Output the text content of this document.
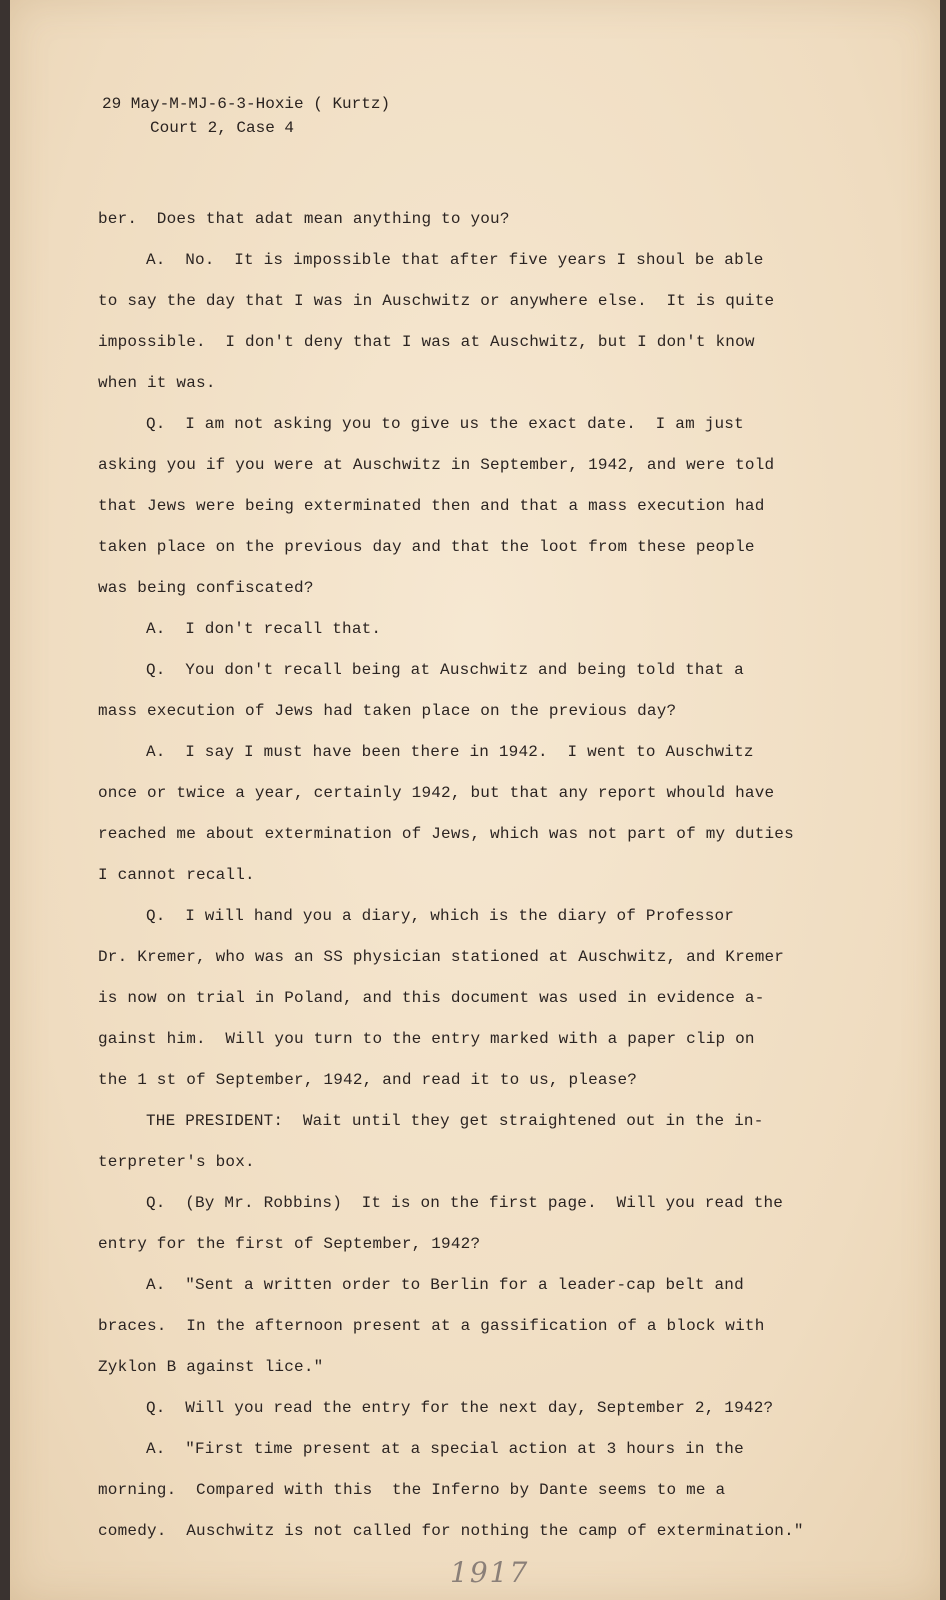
29 May-M-MJ-6-3-Hoxie ( Kurtz)
Court 2, Case 4
ber.  Does that adat mean anything to you?
A.  No.  It is impossible that after five years I shoul be able
to say the day that I was in Auschwitz or anywhere else.  It is quite
impossible.  I don't deny that I was at Auschwitz, but I don't know
when it was.
Q.  I am not asking you to give us the exact date.  I am just
asking you if you were at Auschwitz in September, 1942, and were told
that Jews were being exterminated then and that a mass execution had
taken place on the previous day and that the loot from these people
was being confiscated?
A.  I don't recall that.
Q.  You don't recall being at Auschwitz and being told that a
mass execution of Jews had taken place on the previous day?
A.  I say I must have been there in 1942.  I went to Auschwitz
once or twice a year, certainly 1942, but that any report whould have
reached me about extermination of Jews, which was not part of my duties
I cannot recall.
Q.  I will hand you a diary, which is the diary of Professor
Dr. Kremer, who was an SS physician stationed at Auschwitz, and Kremer
is now on trial in Poland, and this document was used in evidence a-
gainst him.  Will you turn to the entry marked with a paper clip on
the 1 st of September, 1942, and read it to us, please?
THE PRESIDENT:  Wait until they get straightened out in the in-
terpreter's box.
Q.  (By Mr. Robbins)  It is on the first page.  Will you read the
entry for the first of September, 1942?
A.  "Sent a written order to Berlin for a leader-cap belt and
braces.  In the afternoon present at a gassification of a block with
Zyklon B against lice."
Q.  Will you read the entry for the next day, September 2, 1942?
A.  "First time present at a special action at 3 hours in the
morning.  Compared with this  the Inferno by Dante seems to me a
comedy.  Auschwitz is not called for nothing the camp of extermination."
1917
